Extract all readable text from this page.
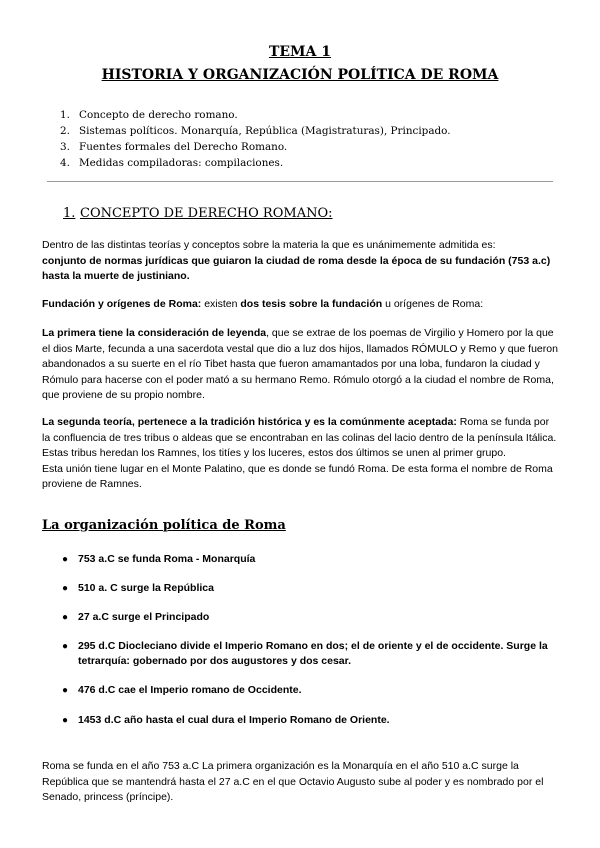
TEMA 1
HISTORIA Y ORGANIZACIÓN POLÍTICA DE ROMA
1. Concepto de derecho romano.
2. Sistemas políticos. Monarquía, República (Magistraturas), Principado.
3. Fuentes formales del Derecho Romano.
4. Medidas compiladoras: compilaciones.
1. CONCEPTO DE DERECHO ROMANO:

Dentro de las distintas teorías y conceptos sobre la materia la que es unánimemente admitida es:
conjunto de normas jurídicas que guiaron la ciudad de roma desde la época de su fundación (753 a.c) hasta la muerte de justiniano.

Fundación y orígenes de Roma: existen dos tesis sobre la fundación u orígenes de Roma:

La primera tiene la consideración de leyenda, que se extrae de los poemas de Virgilio y Homero por la que el dios Marte, fecunda a una sacerdota vestal que dio a luz dos hijos, llamados RÓMULO y Remo y que fueron abandonados a su suerte en el río Tibet hasta que fueron amamantados por una loba, fundaron la ciudad y Rómulo para hacerse con el poder mató a su hermano Remo. Rómulo otorgó a la ciudad el nombre de Roma, que proviene de su propio nombre.

La segunda teoría, pertenece a la tradición histórica y es la comúnmente aceptada: Roma se funda por la confluencia de tres tribus o aldeas que se encontraban en las colinas del lacio dentro de la península Itálica. Estas tribus heredan los Ramnes, los titíes y los luceres, estos dos últimos se unen al primer grupo.
Esta unión tiene lugar en el Monte Palatino, que es donde se fundó Roma. De esta forma el nombre de Roma proviene de Ramnes.

La organización política de Roma
● 753 a.C se funda Roma - Monarquía
● 510 a. C surge la República
● 27 a.C surge el Principado
● 295 d.C Diocleciano divide el Imperio Romano en dos; el de oriente y el de occidente. Surge la tetrarquía: gobernado por dos augustores y dos cesar.
● 476 d.C cae el Imperio romano de Occidente.
● 1453 d.C año hasta el cual dura el Imperio Romano de Oriente.

Roma se funda en el año 753 a.C La primera organización es la Monarquía en el año 510 a.C surge la República que se mantendrá hasta el 27 a.C en el que Octavio Augusto sube al poder y es nombrado por el Senado, princess (príncipe).
